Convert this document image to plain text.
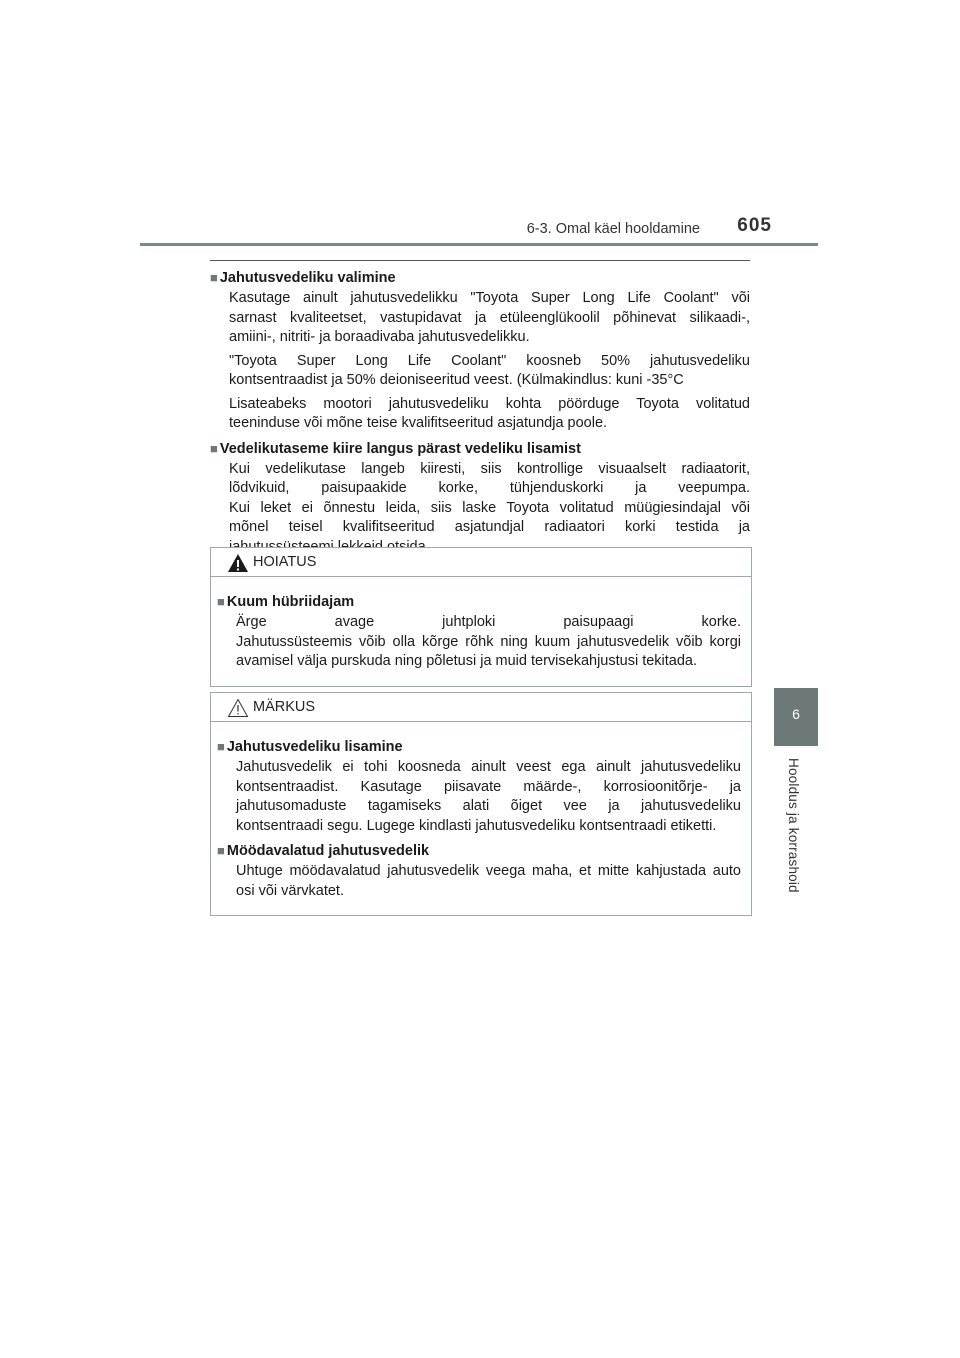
6-3. Omal käel hooldamine 605
6
Hooldus ja korrashoid
■ Jahutusvedeliku valimine
Kasutage ainult jahutusvedelikku "Toyota Super Long Life Coolant" või
sarnast kvaliteetset, vastupidavat ja etüleenglükoolil põhinevat silikaadi-,
amiini-, nitriti- ja boraadivaba jahutusvedelikku.
"Toyota Super Long Life Coolant" koosneb 50% jahutusvedeliku
kontsentraadist ja 50% deioniseeritud veest. (Külmakindlus: kuni -35°C
Lisateabeks mootori jahutusvedeliku kohta pöörduge Toyota volitatud
teeninduse või mõne teise kvalifitseeritud asjatundja poole.
■ Vedelikutaseme kiire langus pärast vedeliku lisamist
Kui vedelikutase langeb kiiresti, siis kontrollige visuaalselt radiaatorit,
lõdvikuid, paisupaakide korke, tühjenduskorki ja veepumpa.
Kui leket ei õnnestu leida, siis laske Toyota volitatud müügiesindajal või
mõnel teisel kvalifitseeritud asjatundjal radiaatori korki testida ja
HOIATUS
■ Kuum hübriidajam
Ärge avage juhtploki paisupaagi korke.
Jahutussüsteemis võib olla kõrge rõhk ning kuum jahutusvedelik võib korgi
avamisel välja purskuda ning põletusi ja muid tervisekahjustusi tekitada.
MÄRKUS
■ Jahutusvedeliku lisamine
Jahutusvedelik ei tohi koosneda ainult veest ega ainult jahutusvedeliku
kontsentraadist. Kasutage piisavate määrde-, korrosioonitõrje- ja
jahutusomaduste tagamiseks alati õiget vee ja jahutusvedeliku
kontsentraadi segu. Lugege kindlasti jahutusvedeliku kontsentraadi etiketti.
■ Möödavalatud jahutusvedelik
Uhtuge möödavalatud jahutusvedelik veega maha, et mitte kahjustada auto
osi või värvkatet.
